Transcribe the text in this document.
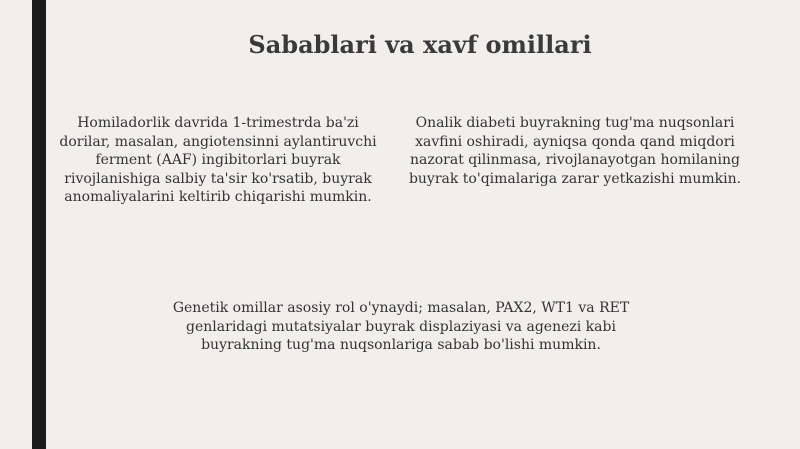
Sabablari va xavf omillari

Homiladorlik davrida 1-trimestrda ba'zi dorilar, masalan, angiotensinni aylantiruvchi ferment (AAF) ingibitorlari buyrak rivojlanishiga salbiy ta'sir ko'rsatib, buyrak anomaliyalarini keltirib chiqarishi mumkin.

Onalik diabeti buyrakning tug'ma nuqsonlari xavfini oshiradi, ayniqsa qonda qand miqdori nazorat qilinmasa, rivojlanayotgan homilaning buyrak to'qimalariga zarar yetkazishi mumkin.

Genetik omillar asosiy rol o'ynaydi; masalan, PAX2, WT1 va RET genlaridagi mutatsiyalar buyrak displaziyasi va agenezi kabi buyrakning tug'ma nuqsonlariga sabab bo'lishi mumkin.
